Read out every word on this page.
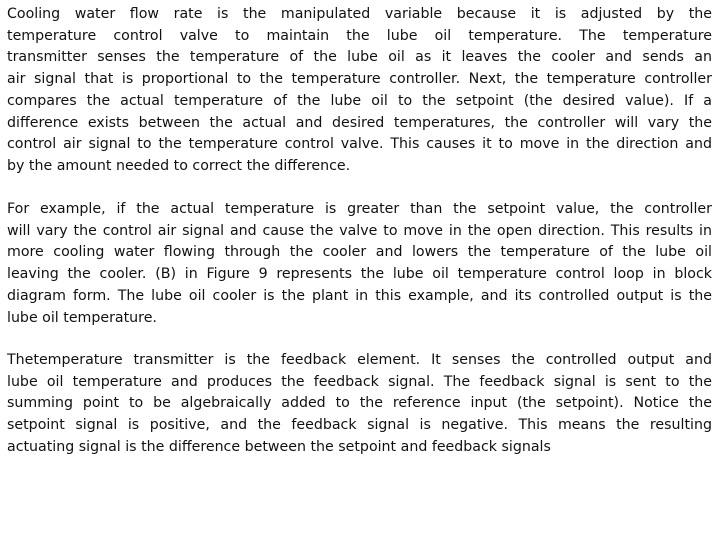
Cooling water flow rate is the manipulated variable because it is adjusted by the
temperature control valve to maintain the lube oil temperature. The temperature
transmitter senses the temperature of the lube oil as it leaves the cooler and sends an
air signal that is proportional to the temperature controller. Next, the temperature controller
compares the actual temperature of the lube oil to the setpoint (the desired value). If a
difference exists between the actual and desired temperatures, the controller will vary the
control air signal to the temperature control valve. This causes it to move in the direction and
by the amount needed to correct the difference.
For example, if the actual temperature is greater than the setpoint value, the controller
will vary the control air signal and cause the valve to move in the open direction. This results in
more cooling water flowing through the cooler and lowers the temperature of the lube oil
leaving the cooler. (B) in Figure 9 represents the lube oil temperature control loop in block
diagram form. The lube oil cooler is the plant in this example, and its controlled output is the
lube oil temperature.
Thetemperature transmitter is the feedback element. It senses the controlled output and
lube oil temperature and produces the feedback signal. The feedback signal is sent to the
summing point to be algebraically added to the reference input (the setpoint). Notice the
setpoint signal is positive, and the feedback signal is negative. This means the resulting
actuating signal is the difference between the setpoint and feedback signals
